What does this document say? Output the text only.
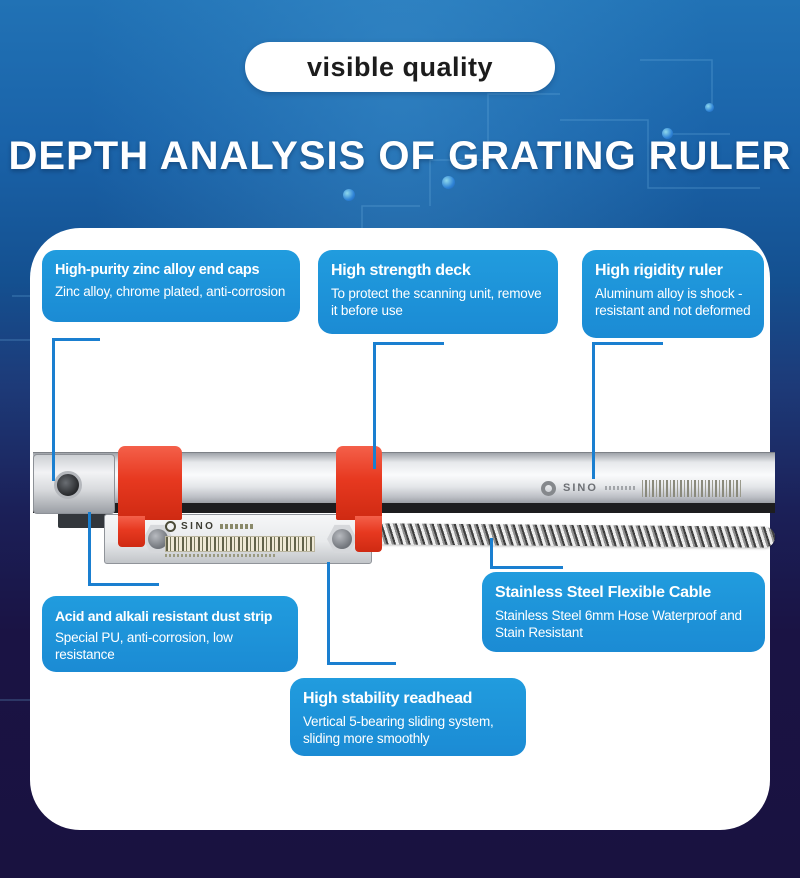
visible quality
DEPTH ANALYSIS OF GRATING RULER
High-purity zinc alloy end caps
Zinc alloy, chrome plated, anti-corrosion
High strength deck
To protect the scanning unit, remove it before use
High rigidity ruler
Aluminum alloy is shock -resistant and not deformed
Stainless Steel Flexible Cable
Stainless Steel 6mm Hose Waterproof and Stain Resistant
Acid and alkali resistant dust strip
Special PU, anti-corrosion, low resistance
High stability readhead
Vertical 5-bearing sliding system, sliding more smoothly
SINO
SINO
